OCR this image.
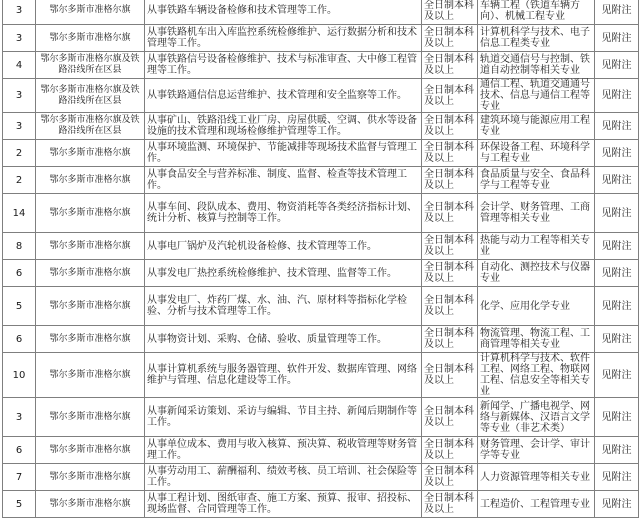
3	鄂尔多斯市准格尔旗	从事铁路车辆设备检修和技术管理等工作。	全日制本科及以上	车辆工程（铁道车辆方向）、机械工程专业	见附注
3	鄂尔多斯市准格尔旗	从事铁路机车出入库监控系统检修维护、运行数据分析和技术管理等工作。	全日制本科及以上	计算机科学与技术、电子信息工程类专业	见附注
4	鄂尔多斯市准格尔旗及铁路沿线所在区县	从事铁路信号设备检修维护、技术与标准审查、大中修工程管理等工作。	全日制本科及以上	轨道交通信号与控制、铁道自动控制等相关专业	见附注
3	鄂尔多斯市准格尔旗及铁路沿线所在区县	从事铁路通信信息运营维护、技术管理和安全监察等工作。	全日制本科及以上	通信工程、轨道交通通号技术、信息与通信工程等专业	见附注
3	鄂尔多斯市准格尔旗及铁路沿线所在区县	从事矿山、铁路沿线工业厂房、房屋供暖、空调、供水等设备设施的技术管理和现场检修维护管理等工作。	全日制本科及以上	建筑环境与能源应用工程专业	见附注
2	鄂尔多斯市准格尔旗	从事环境监测、环境保护、节能减排等现场技术监督与管理工作。	全日制本科及以上	环保设备工程、环境科学与工程专业	见附注
2	鄂尔多斯市准格尔旗	从事食品安全与营养标准、制度、监督、检查等技术管理工作。	全日制本科及以上	食品质量与安全、食品科学与工程等专业	见附注
14	鄂尔多斯市准格尔旗	从事车间、段队成本、费用、物资消耗等各类经济指标计划、统计分析、核算与控制等工作。	全日制本科及以上	会计学、财务管理、工商管理等相关专业	见附注
8	鄂尔多斯市准格尔旗	从事电厂锅炉及汽轮机设备检修、技术管理等工作。	全日制本科及以上	热能与动力工程等相关专业	见附注
6	鄂尔多斯市准格尔旗	从事发电厂热控系统检修维护、技术管理、监督等工作。	全日制本科及以上	自动化、测控技术与仪器专业	见附注
5	鄂尔多斯市准格尔旗	从事发电厂、炸药厂煤、水、油、汽、原材料等指标化学检验、分析与技术管理等工作。	全日制本科及以上	化学、应用化学专业	见附注
6	鄂尔多斯市准格尔旗	从事物资计划、采购、仓储、验收、质量管理等工作。	全日制本科及以上	物流管理、物流工程、工商管理等相关专业	见附注
10	鄂尔多斯市准格尔旗	从事计算机系统与服务器管理、软件开发、数据库管理、网络维护与管理、信息化建设等工作。	全日制本科及以上	计算机科学与技术、软件工程、网络工程、物联网工程、信息安全等相关专业	见附注
3	鄂尔多斯市准格尔旗	从事新闻采访策划、采访与编辑、节目主持、新闻后期制作等工作。	全日制本科及以上	新闻学、广播电视学、网络与新媒体、汉语言文学等专业（非艺术类）	见附注
6	鄂尔多斯市准格尔旗	从事单位成本、费用与收入核算、预决算、税收管理等财务管理工作。	全日制本科及以上	财务管理、会计学、审计学等专业	见附注
7	鄂尔多斯市准格尔旗	从事劳动用工、薪酬福利、绩效考核、员工培训、社会保险等工作。	全日制本科及以上	人力资源管理等相关专业	见附注
5	鄂尔多斯市准格尔旗	从事工程计划、图纸审查、施工方案、预算、报审、招投标、现场监督、合同管理等工作。	全日制本科及以上	工程造价、工程管理专业	见附注
